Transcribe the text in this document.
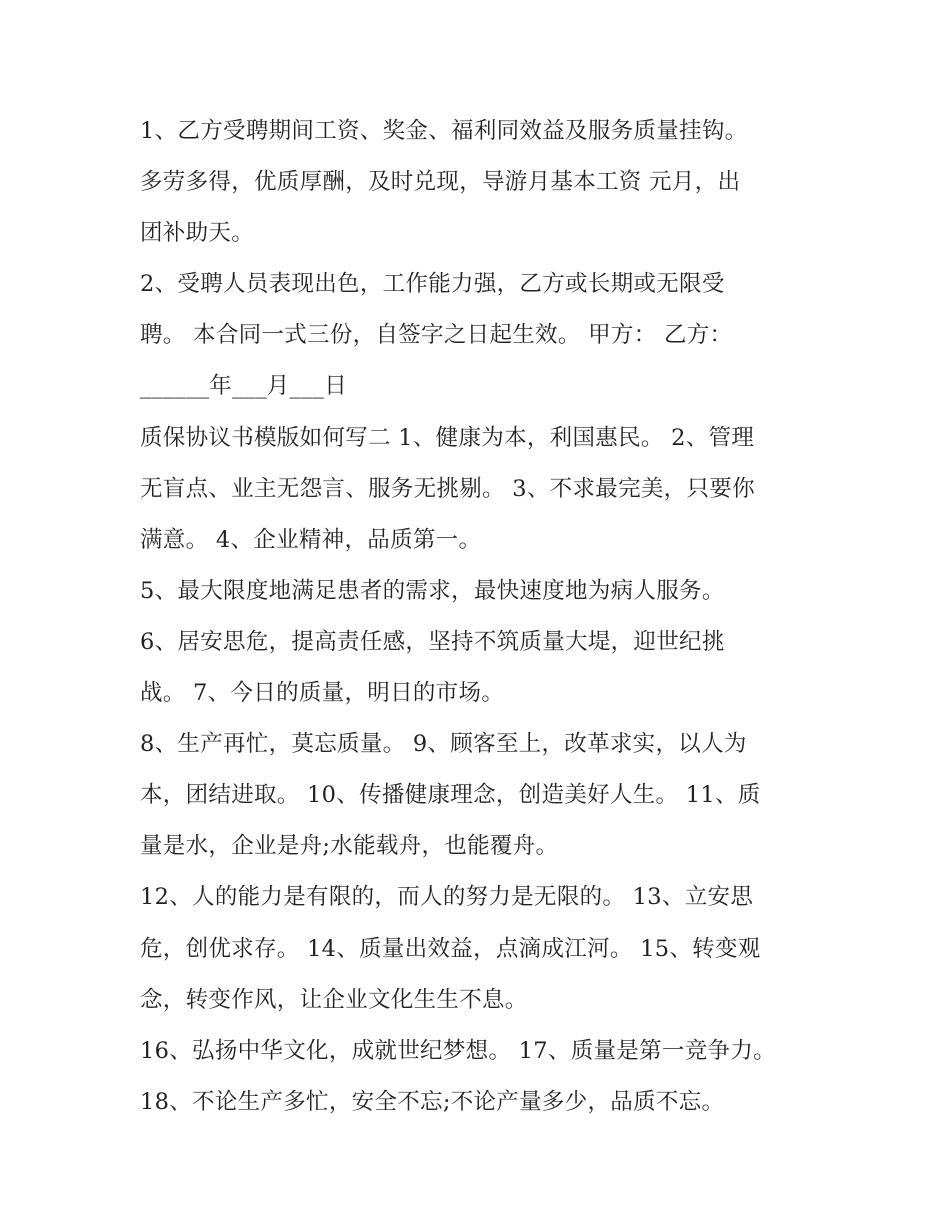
1、乙方受聘期间工资、奖金、福利同效益及服务质量挂钩。
多劳多得，优质厚酬，及时兑现，导游月基本工资 元月，出
团补助天。
2、受聘人员表现出色，工作能力强，乙方或长期或无限受
聘。 本合同一式三份，自签字之日起生效。 甲方： 乙方：
______年___月___日
质保协议书模版如何写二 1、健康为本，利国惠民。 2、管理
无盲点、业主无怨言、服务无挑剔。 3、不求最完美，只要你
满意。 4、企业精神，品质第一。
5、最大限度地满足患者的需求，最快速度地为病人服务。
6、居安思危，提高责任感，坚持不筑质量大堤，迎世纪挑
战。 7、今日的质量，明日的市场。
8、生产再忙，莫忘质量。 9、顾客至上，改革求实，以人为
本，团结进取。 10、传播健康理念，创造美好人生。 11、质
量是水，企业是舟;水能载舟，也能覆舟。
12、人的能力是有限的，而人的努力是无限的。 13、立安思
危，创优求存。 14、质量出效益，点滴成江河。 15、转变观
念，转变作风，让企业文化生生不息。
16、弘扬中华文化，成就世纪梦想。 17、质量是第一竞争力。
18、不论生产多忙，安全不忘;不论产量多少，品质不忘。
